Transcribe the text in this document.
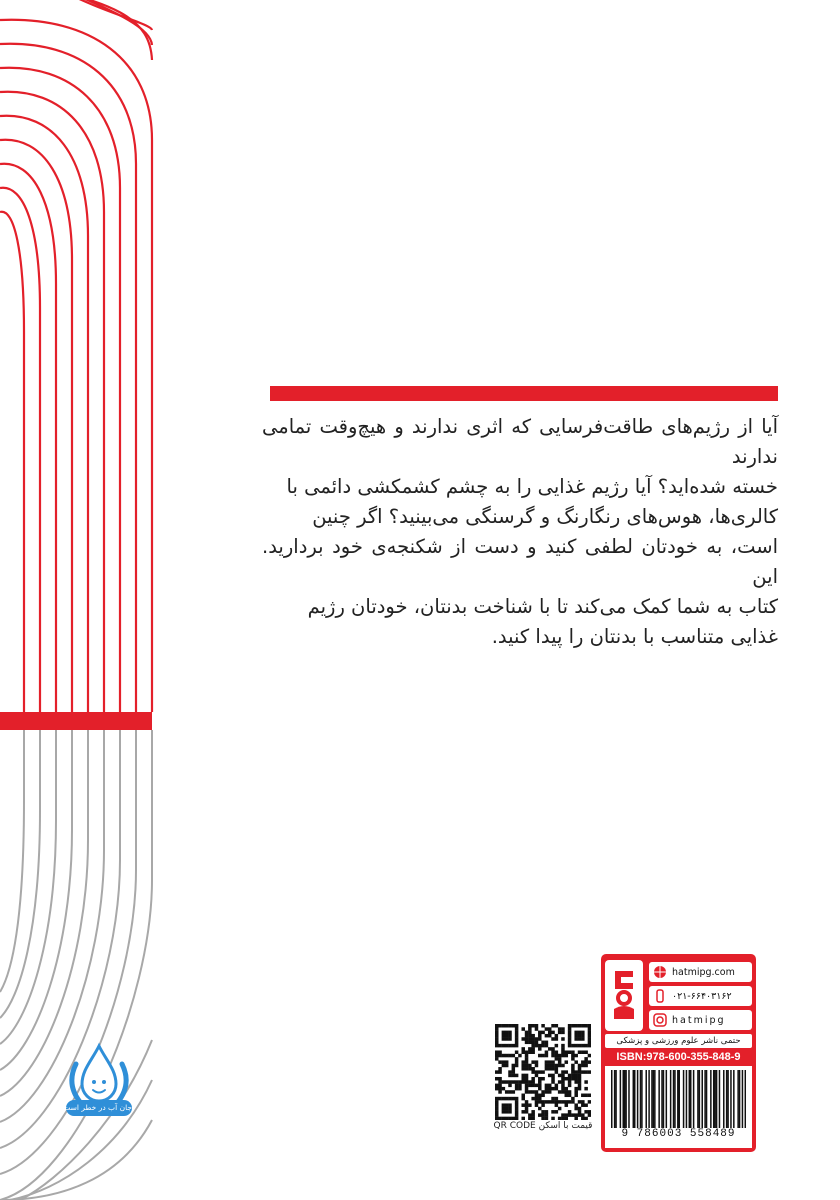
آیا از رژیم‌های طاقت‌فرسایی که اثری ندارند و هیچ‌وقت تمامی ندارند

خسته شده‌اید؟ آیا رژیم غذایی را به چشم کشمکشی دائمی با

کالری‌ها، هوس‌های رنگارنگ و گرسنگی می‌بینید؟ اگر چنین

است، به خودتان لطفی کنید و دست از شکنجه‌ی خود بردارید. این

کتاب به شما کمک می‌کند تا با شناخت بدنتان، خودتان رژیم

غذایی متناسب با بدنتان را پیدا کنید.

hatmipg.com
۰۲۱-۶۶۴۰۳۱۶۲
hatmipg
حتمی ناشر علوم ورزشی و پزشکی
ISBN:978-600-355-848-9
9 786003 558489
قیمت با اسکن QR CODE
جان آب در خطر است
